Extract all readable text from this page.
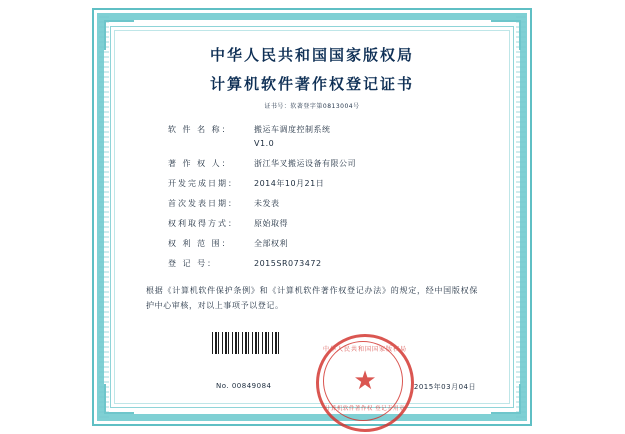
中华人民共和国国家版权局
计算机软件著作权登记证书
证书号：软著登字第0813004号
软 件 名 称：	搬运车调度控制系统
V1.0
著 作 权 人：	浙江华叉搬运设备有限公司
开发完成日期：	2014年10月21日
首次发表日期：	未发表
权利取得方式：	原始取得
权 利 范 围：	全部权利
登 记 号：	2015SR073472
根据《计算机软件保护条例》和《计算机软件著作权登记办法》的规定，经中国版权保护中心审核，对以上事项予以登记。
中华人民共和国国家版权局
★
计算机软件著作权 登记专用章
No. 00849084	2015年03月04日
